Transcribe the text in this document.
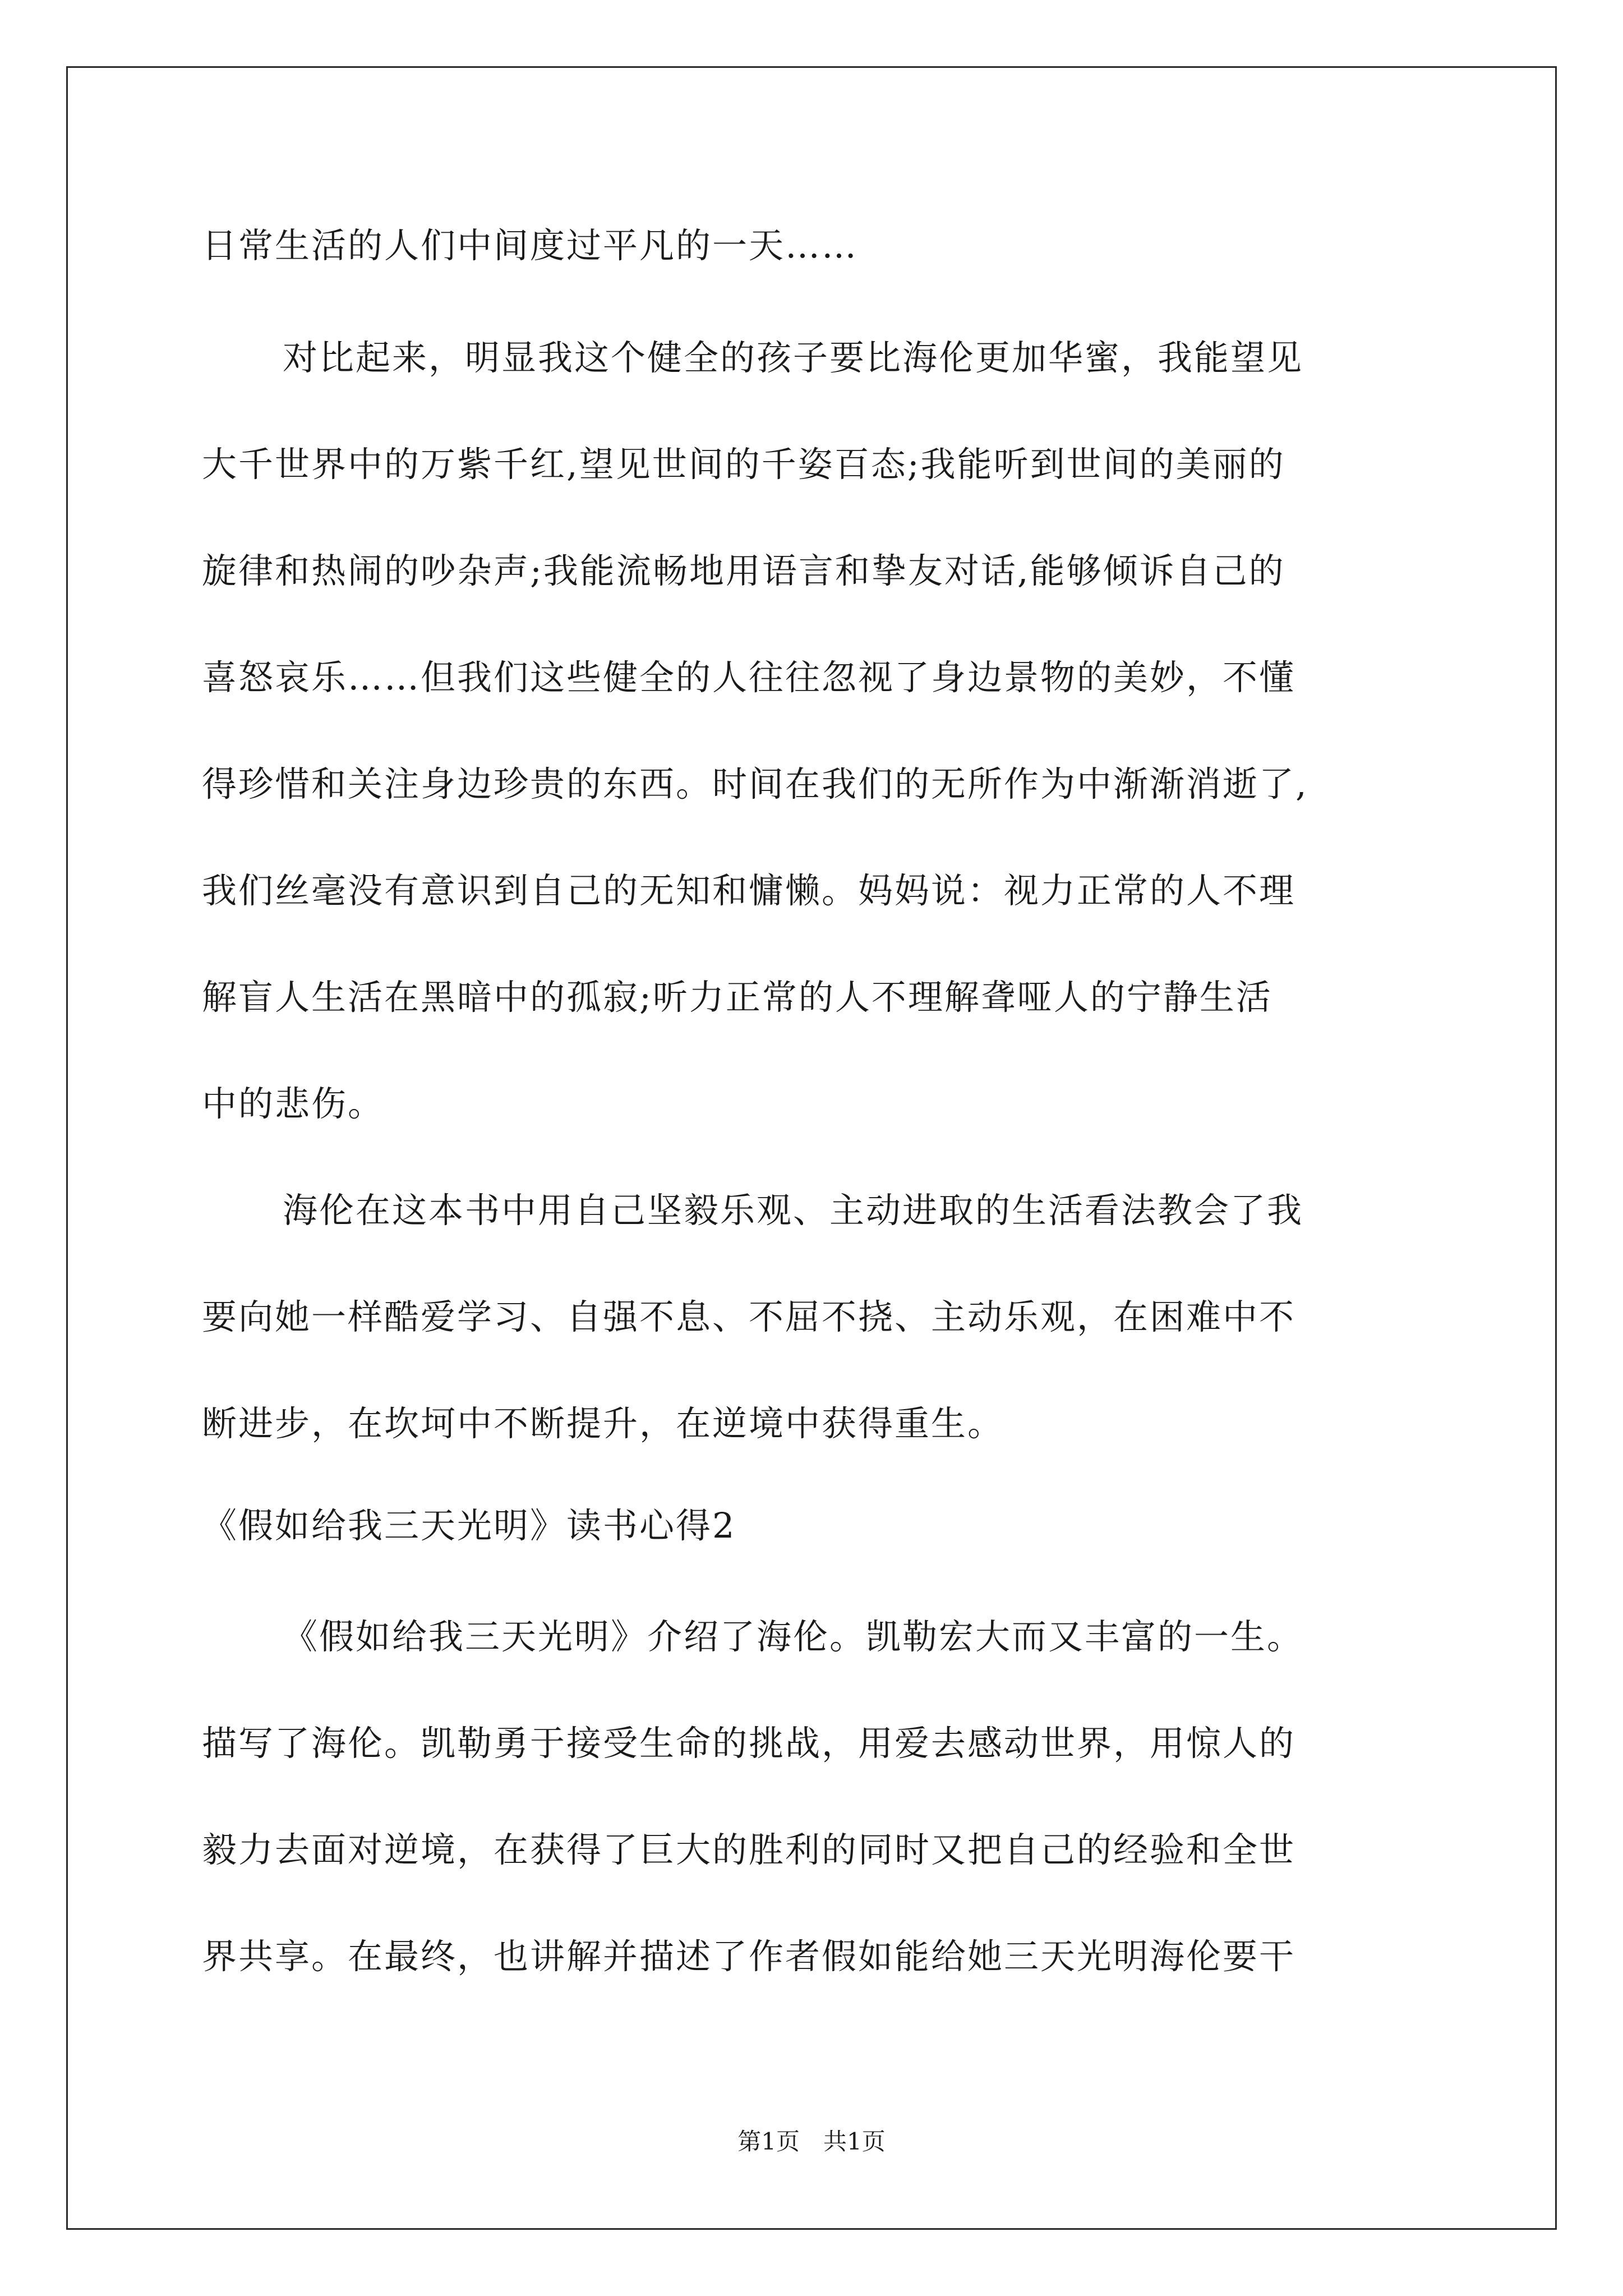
日常生活的人们中间度过平凡的一天……
对比起来，明显我这个健全的孩子要比海伦更加华蜜，我能望见
大千世界中的万紫千红,望见世间的千姿百态;我能听到世间的美丽的
旋律和热闹的吵杂声;我能流畅地用语言和挚友对话,能够倾诉自己的
喜怒哀乐……但我们这些健全的人往往忽视了身边景物的美妙，不懂
得珍惜和关注身边珍贵的东西。时间在我们的无所作为中渐渐消逝了,
我们丝毫没有意识到自己的无知和慵懒。妈妈说：视力正常的人不理
解盲人生活在黑暗中的孤寂;听力正常的人不理解聋哑人的宁静生活
中的悲伤。
海伦在这本书中用自己坚毅乐观、主动进取的生活看法教会了我
要向她一样酷爱学习、自强不息、不屈不挠、主动乐观，在困难中不
断进步，在坎坷中不断提升，在逆境中获得重生。
《假如给我三天光明》读书心得2
《假如给我三天光明》介绍了海伦。凯勒宏大而又丰富的一生。
描写了海伦。凯勒勇于接受生命的挑战，用爱去感动世界，用惊人的
毅力去面对逆境，在获得了巨大的胜利的同时又把自己的经验和全世
界共享。在最终，也讲解并描述了作者假如能给她三天光明海伦要干
第1页　共1页
